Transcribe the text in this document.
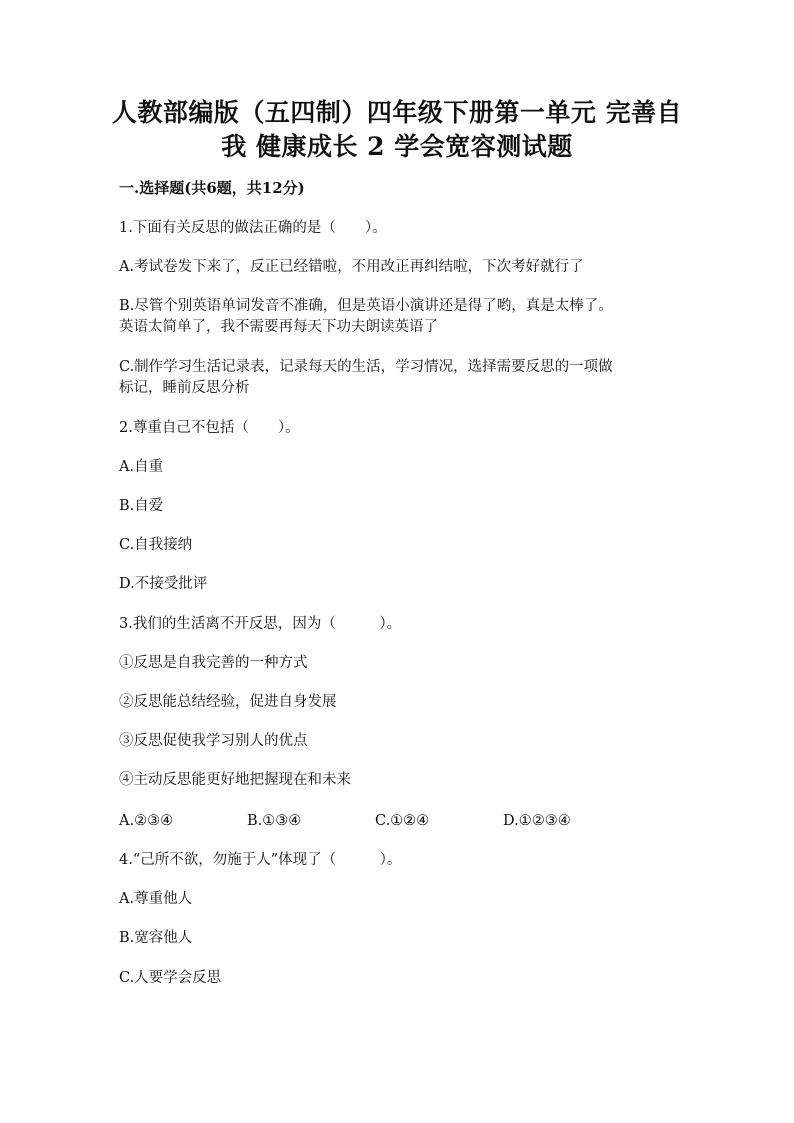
人教部编版（五四制）四年级下册第一单元 完善自
我 健康成长 2 学会宽容测试题
一.选择题(共6题，共12分)
1.下面有关反思的做法正确的是（　　）。
A.考试卷发下来了，反正已经错啦，不用改正再纠结啦，下次考好就行了
B.尽管个别英语单词发音不准确，但是英语小演讲还是得了哟，真是太棒了。
英语太简单了，我不需要再每天下功夫朗读英语了
C.制作学习生活记录表，记录每天的生活，学习情况，选择需要反思的一项做
标记，睡前反思分析
2.尊重自己不包括（　　）。
A.自重
B.自爱
C.自我接纳
D.不接受批评
3.我们的生活离不开反思，因为（　　　）。
①反思是自我完善的一种方式
②反思能总结经验，促进自身发展
③反思促使我学习别人的优点
④主动反思能更好地把握现在和未来
A.②③④	B.①③④	C.①②④	D.①②③④
4.“己所不欲，勿施于人”体现了（　　　）。
A.尊重他人
B.宽容他人
C.人要学会反思
